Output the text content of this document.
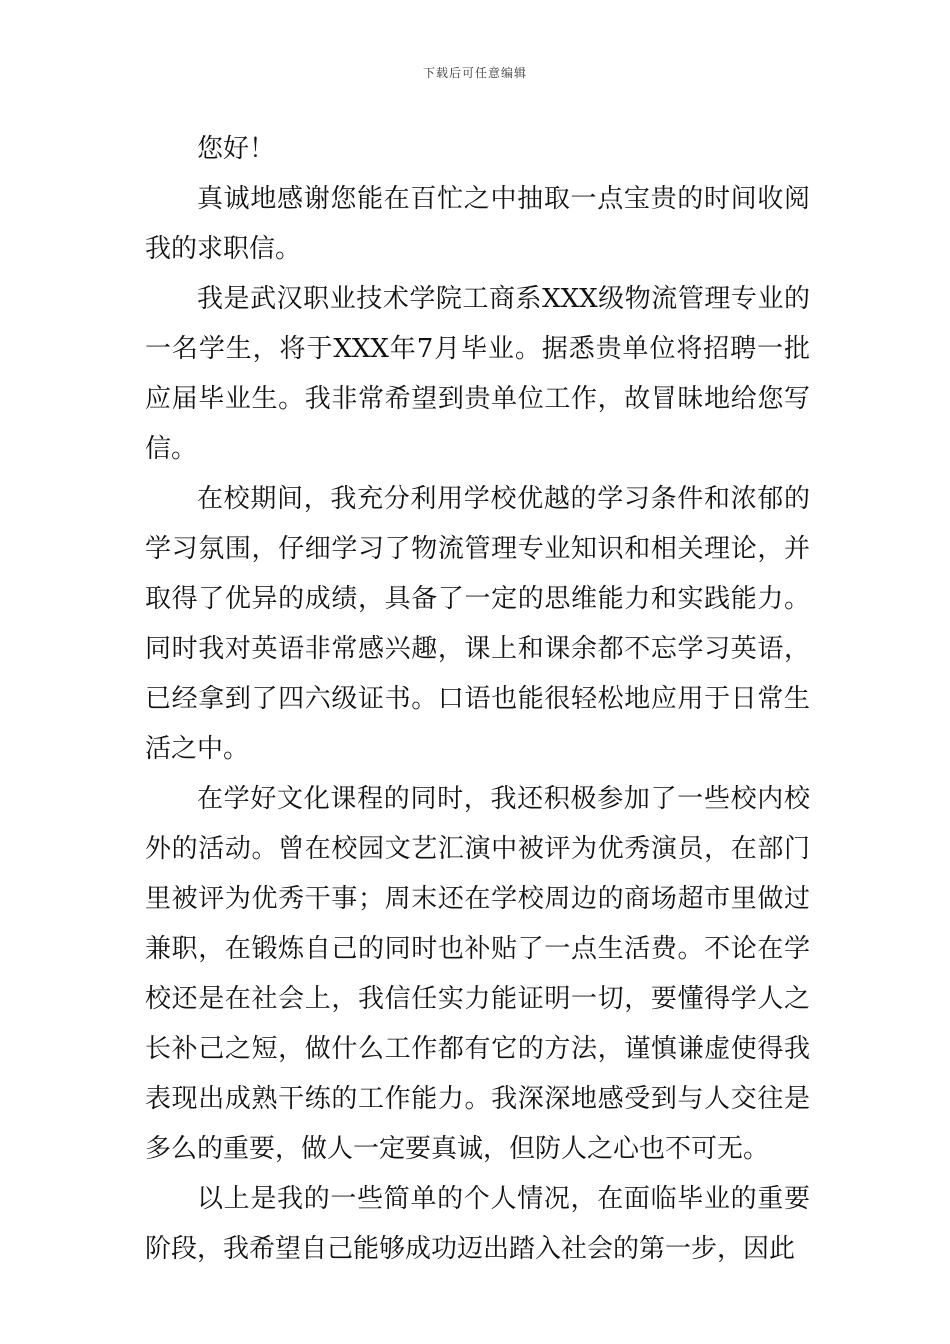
下载后可任意编辑

您好！

真诚地感谢您能在百忙之中抽取一点宝贵的时间收阅我的求职信。

我是武汉职业技术学院工商系XXX级物流管理专业的一名学生，将于XXX年7月毕业。据悉贵单位将招聘一批应届毕业生。我非常希望到贵单位工作，故冒昧地给您写信。

在校期间，我充分利用学校优越的学习条件和浓郁的学习氛围，仔细学习了物流管理专业知识和相关理论，并取得了优异的成绩，具备了一定的思维能力和实践能力。同时我对英语非常感兴趣，课上和课余都不忘学习英语，已经拿到了四六级证书。口语也能很轻松地应用于日常生活之中。

在学好文化课程的同时，我还积极参加了一些校内校外的活动。曾在校园文艺汇演中被评为优秀演员，在部门里被评为优秀干事；周末还在学校周边的商场超市里做过兼职，在锻炼自己的同时也补贴了一点生活费。不论在学校还是在社会上，我信任实力能证明一切，要懂得学人之长补己之短，做什么工作都有它的方法，谨慎谦虚使得我表现出成熟干练的工作能力。我深深地感受到与人交往是多么的重要，做人一定要真诚，但防人之心也不可无。

以上是我的一些简单的个人情况，在面临毕业的重要阶段，我希望自己能够成功迈出踏入社会的第一步，因此
